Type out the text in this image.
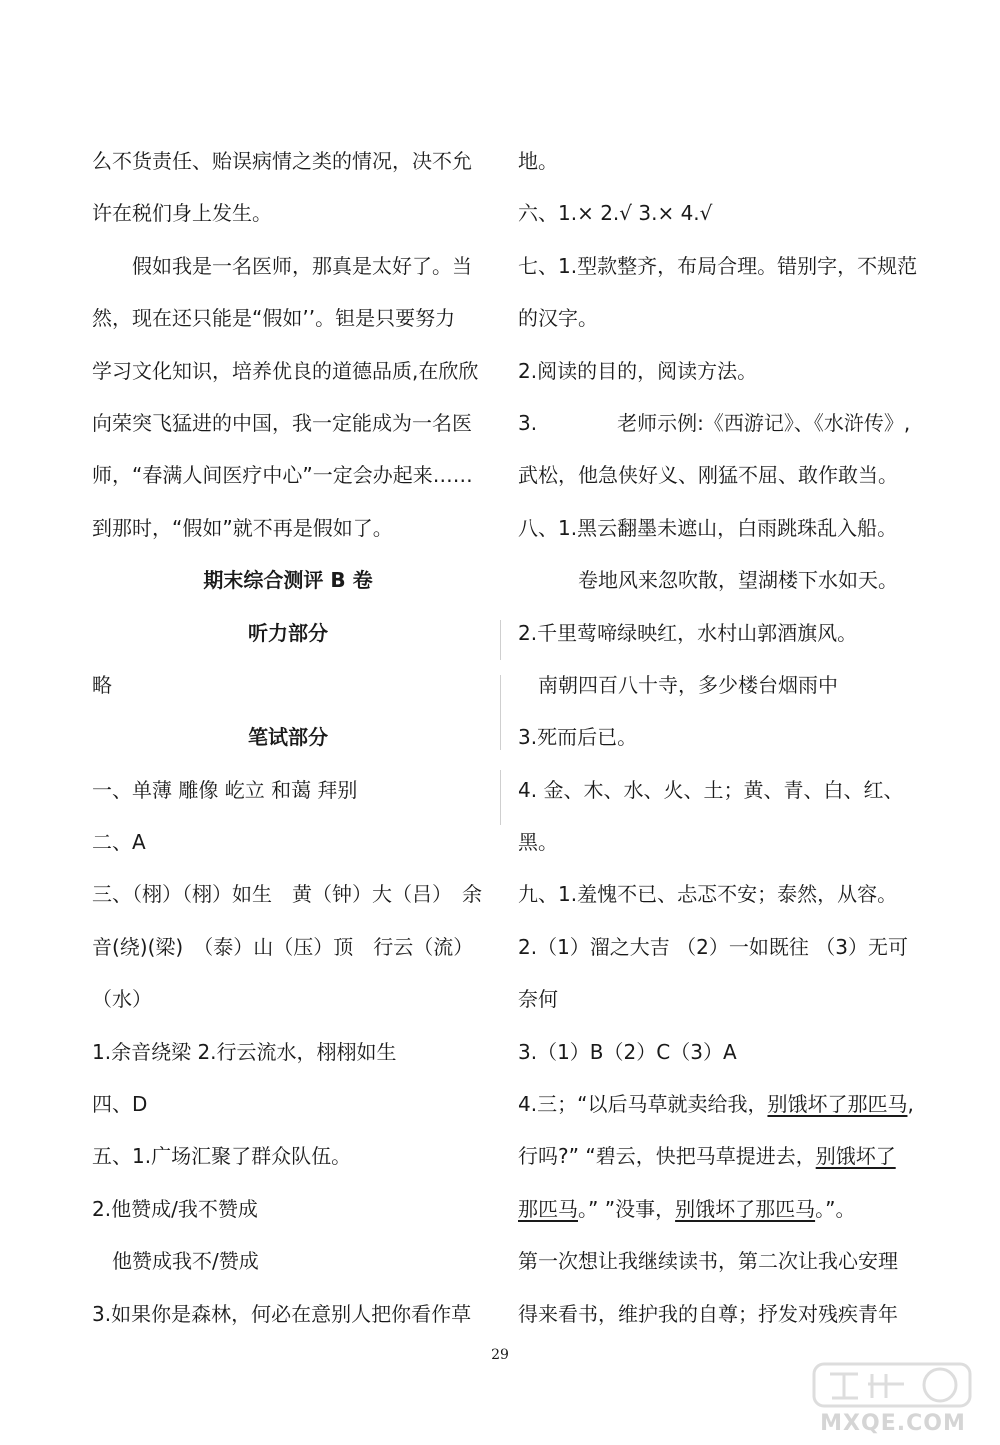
么不货责任、贻误病情之类的情况，决不允
许在税们身上发生。
　　假如我是一名医师，那真是太好了。当
然，现在还只能是“假如’’。钽是只要努力
学习文化知识，培养优良的道德品质,在欣欣
向荣突飞猛进的中国，我一定能成为一名医
师，“春满人间医疗中心”一定会办起来……
到那时，“假如”就不再是假如了。
期末综合测评 B 卷
听力部分
略
笔试部分
一、单薄 雕像 屹立 和蔼 拜别
二、A
三、（栩）（栩）如生　黄（钟）大（吕）　余
音(绕)(梁)　（泰）山（压）顶　行云（流）
（水）
1.余音绕梁 2.行云流水，栩栩如生
四、D
五、1.广场汇聚了群众队伍。
2.他赞成/我不赞成
　他赞成我不/赞成
3.如果你是森林，何必在意别人把你看作草
地。
六、1.× 2.√ 3.× 4.√
七、1.型款整齐，布局合理。错别字，不规范
的汉字。
2.阅读的目的，阅读方法。
3.　　　　老师示例:《西游记》、《水浒传》,
武松，他急侠好义、刚猛不屈、敢作敢当。
八、1.黑云翻墨未遮山，白雨跳珠乱入船。
　　　卷地风来忽吹散，望湖楼下水如天。
2.千里莺啼绿映红，水村山郭酒旗风。
　南朝四百八十寺，多少楼台烟雨中
3.死而后已。
4. 金、木、水、火、土；黄、青、白、红、
黑。
九、1.羞愧不已、忐忑不安；泰然，从容。
2.（1）溜之大吉 （2）一如既往 （3）无可
奈何
3.（1）B（2）C（3）A
4.三；“以后马草就卖给我，别饿坏了那匹马,
行吗?” “碧云，快把马草提进去，别饿坏了
那匹马。” ”没事，别饿坏了那匹马。”。
第一次想让我继续读书，第二次让我心安理
得来看书，维护我的自尊；抒发对残疾青年
29
MXQE.COM
